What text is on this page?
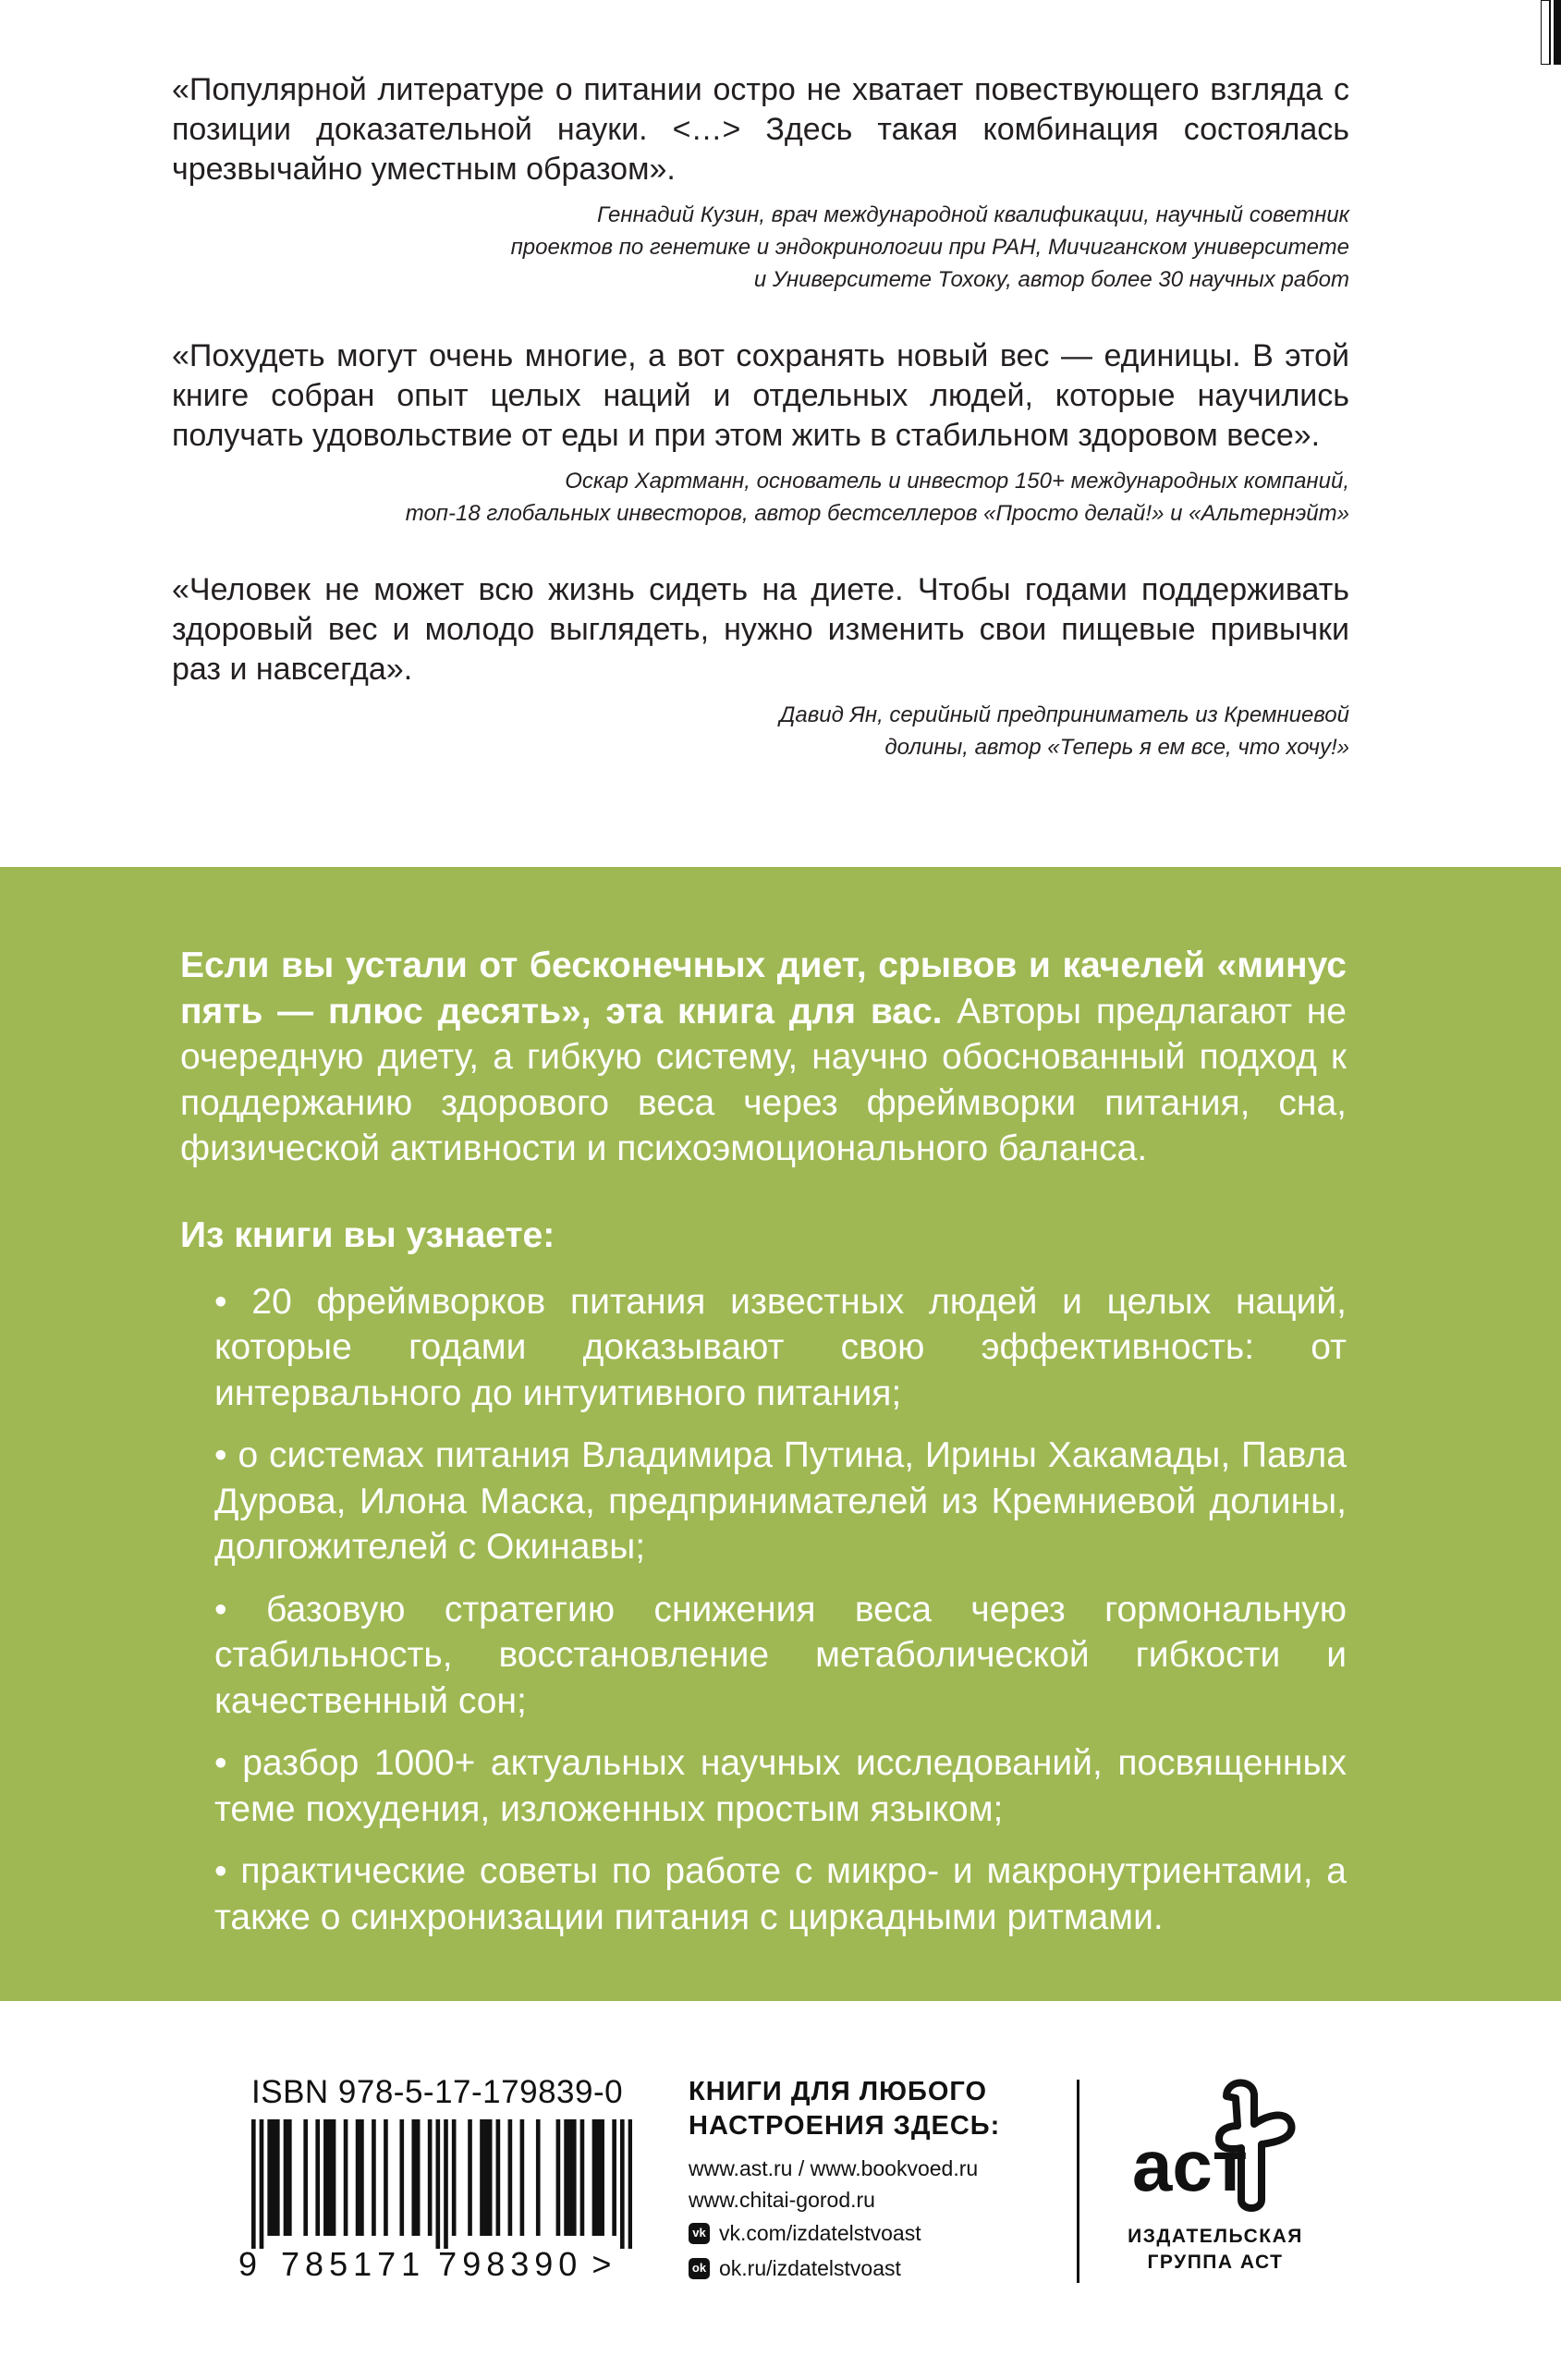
«Популярной литературе о питании остро не хватает повествующего взгляда с позиции доказательной науки. <…> Здесь такая комбинация состоялась чрезвычайно уместным образом».

Геннадий Кузин, врач международной квалификации, научный советник
проектов по генетике и эндокринологии при РАН, Мичиганском университете
и Университете Тохоку, автор более 30 научных работ

«Похудеть могут очень многие, а вот сохранять новый вес — единицы. В этой книге собран опыт целых наций и отдельных людей, которые научились получать удовольствие от еды и при этом жить в стабильном здоровом весе».

Оскар Хартманн, основатель и инвестор 150+ международных компаний,
топ-18 глобальных инвесторов, автор бестселлеров «Просто делай!» и «Альтернэйт»

«Человек не может всю жизнь сидеть на диете. Чтобы годами поддерживать здоровый вес и молодо выглядеть, нужно изменить свои пищевые привычки раз и навсегда».

Давид Ян, серийный предприниматель из Кремниевой
долины, автор «Теперь я ем все, что хочу!»

Если вы устали от бесконечных диет, срывов и качелей «минус пять — плюс десять», эта книга для вас. Авторы предлагают не очередную диету, а гибкую систему, научно обоснованный подход к поддержанию здорового веса через фреймворки питания, сна, физической активности и психоэмоционального баланса.

Из книги вы узнаете:
• 20 фреймворков питания известных людей и целых наций, которые годами доказывают свою эффективность: от интервального до интуитивного питания;
• о системах питания Владимира Путина, Ирины Хакамады, Павла Дурова, Илона Маска, предпринимателей из Кремниевой долины, долгожителей с Окинавы;
• базовую стратегию снижения веса через гормональную стабильность, восстановление метаболической гибкости и качественный сон;
• разбор 1000+ актуальных научных исследований, посвященных теме похудения, изложенных простым языком;
• практические советы по работе с микро- и макронутриентами, а также о синхронизации питания с циркадными ритмами.
ISBN 978-5-17-179839-0
9 785171 798390 >
КНИГИ ДЛЯ ЛЮБОГО
НАСТРОЕНИЯ ЗДЕСЬ:
www.ast.ru / www.bookvoed.ru
www.chitai-gorod.ru
vk vk.com/izdatelstvoast
ok ok.ru/izdatelstvoast
аст
ИЗДАТЕЛЬСКАЯ
ГРУППА АСТ
